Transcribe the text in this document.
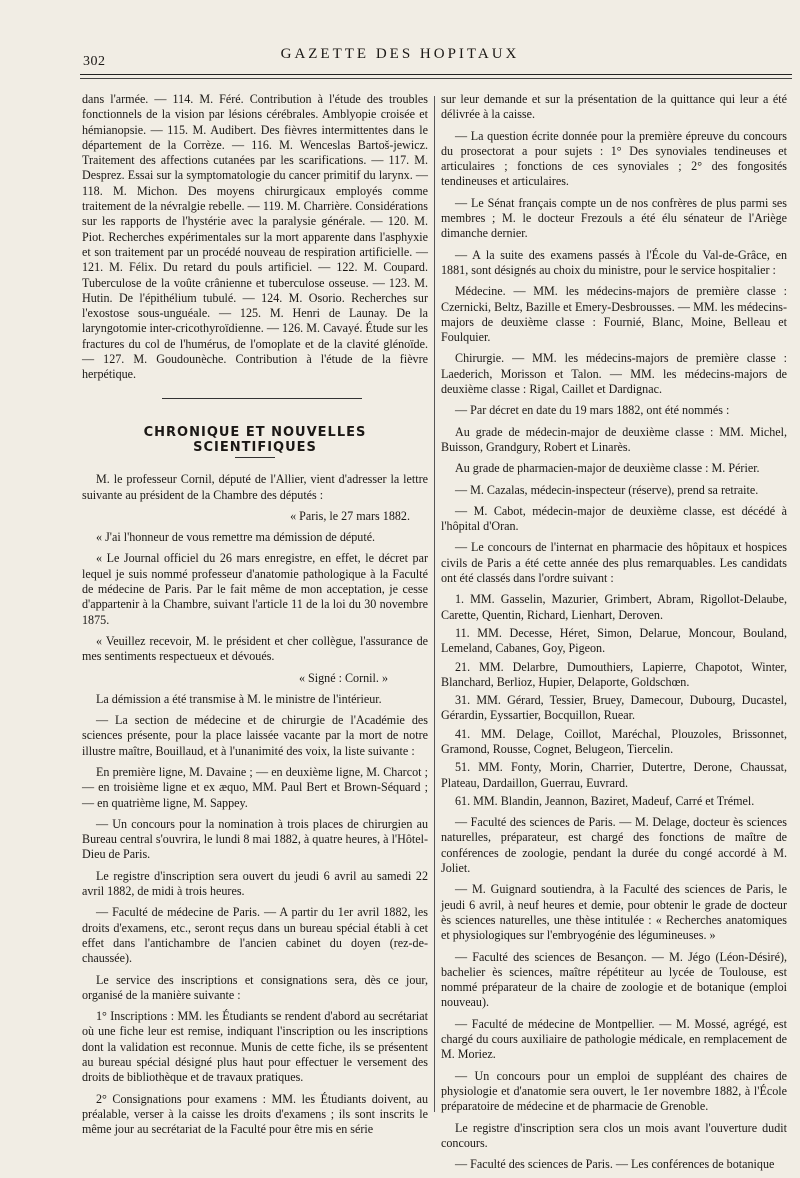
302	GAZETTE DES HOPITAUX

dans l'armée. — 114. M. Féré. Contribution à l'étude des troubles fonctionnels de la vision par lésions cérébrales. Amblyopie croisée et hémianopsie. — 115. M. Audibert. Des fièvres intermittentes dans le département de la Corrèze. — 116. M. Wenceslas Bartoš-jewicz. Traitement des affections cutanées par les scarifications. — 117. M. Desprez. Essai sur la symptomatologie du cancer primitif du larynx. — 118. M. Michon. Des moyens chirurgicaux employés comme traitement de la névralgie rebelle. — 119. M. Charrière. Considérations sur les rapports de l'hystérie avec la paralysie générale. — 120. M. Piot. Recherches expérimentales sur la mort apparente dans l'asphyxie et son traitement par un procédé nouveau de respiration artificielle. — 121. M. Félix. Du retard du pouls artificiel. — 122. M. Coupard. Tuberculose de la voûte crânienne et tuberculose osseuse. — 123. M. Hutin. De l'épithélium tubulé. — 124. M. Osorio. Recherches sur l'exostose sous-unguéale. — 125. M. Henri de Launay. De la laryngotomie inter-cricothyroïdienne. — 126. M. Cavayé. Étude sur les fractures du col de l'humérus, de l'omoplate et de la clavité glénoïde. — 127. M. Goudounèche. Contribution à l'étude de la fièvre herpétique.

CHRONIQUE ET NOUVELLES SCIENTIFIQUES

M. le professeur Cornil, député de l'Allier, vient d'adresser la lettre suivante au président de la Chambre des députés :

« Paris, le 27 mars 1882.

« J'ai l'honneur de vous remettre ma démission de député.

« Le Journal officiel du 26 mars enregistre, en effet, le décret par lequel je suis nommé professeur d'anatomie pathologique à la Faculté de médecine de Paris. Par le fait même de mon acceptation, je cesse d'appartenir à la Chambre, suivant l'article 11 de la loi du 30 novembre 1875.

« Veuillez recevoir, M. le président et cher collègue, l'assurance de mes sentiments respectueux et dévoués.

« Signé : Cornil. »

La démission a été transmise à M. le ministre de l'intérieur.

— La section de médecine et de chirurgie de l'Académie des sciences présente, pour la place laissée vacante par la mort de notre illustre maître, Bouillaud, et à l'unanimité des voix, la liste suivante :

En première ligne, M. Davaine ; — en deuxième ligne, M. Charcot ; — en troisième ligne et ex æquo, MM. Paul Bert et Brown-Séquard ; — en quatrième ligne, M. Sappey.

— Un concours pour la nomination à trois places de chirurgien au Bureau central s'ouvrira, le lundi 8 mai 1882, à quatre heures, à l'Hôtel-Dieu de Paris.

Le registre d'inscription sera ouvert du jeudi 6 avril au samedi 22 avril 1882, de midi à trois heures.

— Faculté de médecine de Paris. — A partir du 1er avril 1882, les droits d'examens, etc., seront reçus dans un bureau spécial établi à cet effet dans l'antichambre de l'ancien cabinet du doyen (rez-de-chaussée).

Le service des inscriptions et consignations sera, dès ce jour, organisé de la manière suivante :

1° Inscriptions : MM. les Étudiants se rendent d'abord au secrétariat où une fiche leur est remise, indiquant l'inscription ou les inscriptions dont la validation est reconnue. Munis de cette fiche, ils se présentent au bureau spécial désigné plus haut pour effectuer le versement des droits de bibliothèque et de travaux pratiques.

2° Consignations pour examens : MM. les Étudiants doivent, au préalable, verser à la caisse les droits d'examens ; ils sont inscrits le même jour au secrétariat de la Faculté pour être mis en série

sur leur demande et sur la présentation de la quittance qui leur a été délivrée à la caisse.

— La question écrite donnée pour la première épreuve du concours du prosectorat a pour sujets : 1° Des synoviales tendineuses et articulaires ; fonctions de ces synoviales ; 2° des fongosités tendineuses et articulaires.

— Le Sénat français compte un de nos confrères de plus parmi ses membres ; M. le docteur Frezouls a été élu sénateur de l'Ariège dimanche dernier.

— A la suite des examens passés à l'École du Val-de-Grâce, en 1881, sont désignés au choix du ministre, pour le service hospitalier :

Médecine. — MM. les médecins-majors de première classe : Czernicki, Beltz, Bazille et Emery-Desbrousses. — MM. les médecins-majors de deuxième classe : Fournié, Blanc, Moine, Belleau et Foulquier.

Chirurgie. — MM. les médecins-majors de première classe : Laederich, Morisson et Talon. — MM. les médecins-majors de deuxième classe : Rigal, Caillet et Dardignac.

— Par décret en date du 19 mars 1882, ont été nommés :

Au grade de médecin-major de deuxième classe : MM. Michel, Buisson, Grandgury, Robert et Linarès.

Au grade de pharmacien-major de deuxième classe : M. Périer.

— M. Cazalas, médecin-inspecteur (réserve), prend sa retraite.

— M. Cabot, médecin-major de deuxième classe, est décédé à l'hôpital d'Oran.

— Le concours de l'internat en pharmacie des hôpitaux et hospices civils de Paris a été cette année des plus remarquables. Les candidats ont été classés dans l'ordre suivant :

1. MM. Gasselin, Mazurier, Grimbert, Abram, Rigollot-Delaube, Carette, Quentin, Richard, Lienhart, Deroven.

11. MM. Decesse, Héret, Simon, Delarue, Moncour, Bouland, Lemeland, Cabanes, Goy, Pigeon.

21. MM. Delarbre, Dumouthiers, Lapierre, Chapotot, Winter, Blanchard, Berlioz, Hupier, Delaporte, Goldschœn.

31. MM. Gérard, Tessier, Bruey, Damecour, Dubourg, Ducastel, Gérardin, Eyssartier, Bocquillon, Ruear.

41. MM. Delage, Coillot, Maréchal, Plouzoles, Brissonnet, Gramond, Rousse, Cognet, Belugeon, Tiercelin.

51. MM. Fonty, Morin, Charrier, Dutertre, Derone, Chaussat, Plateau, Dardaillon, Guerrau, Euvrard.

61. MM. Blandin, Jeannon, Baziret, Madeuf, Carré et Trémel.

— Faculté des sciences de Paris. — M. Delage, docteur ès sciences naturelles, préparateur, est chargé des fonctions de maître de conférences de zoologie, pendant la durée du congé accordé à M. Joliet.

— M. Guignard soutiendra, à la Faculté des sciences de Paris, le jeudi 6 avril, à neuf heures et demie, pour obtenir le grade de docteur ès sciences naturelles, une thèse intitulée : « Recherches anatomiques et physiologiques sur l'embryogénie des légumineuses. »

— Faculté des sciences de Besançon. — M. Jégo (Léon-Désiré), bachelier ès sciences, maître répétiteur au lycée de Toulouse, est nommé préparateur de la chaire de zoologie et de botanique (emploi nouveau).

— Faculté de médecine de Montpellier. — M. Mossé, agrégé, est chargé du cours auxiliaire de pathologie médicale, en remplacement de M. Moriez.

— Un concours pour un emploi de suppléant des chaires de physiologie et d'anatomie sera ouvert, le 1er novembre 1882, à l'École préparatoire de médecine et de pharmacie de Grenoble.

Le registre d'inscription sera clos un mois avant l'ouverture dudit concours.

— Faculté des sciences de Paris. — Les conférences de botanique
